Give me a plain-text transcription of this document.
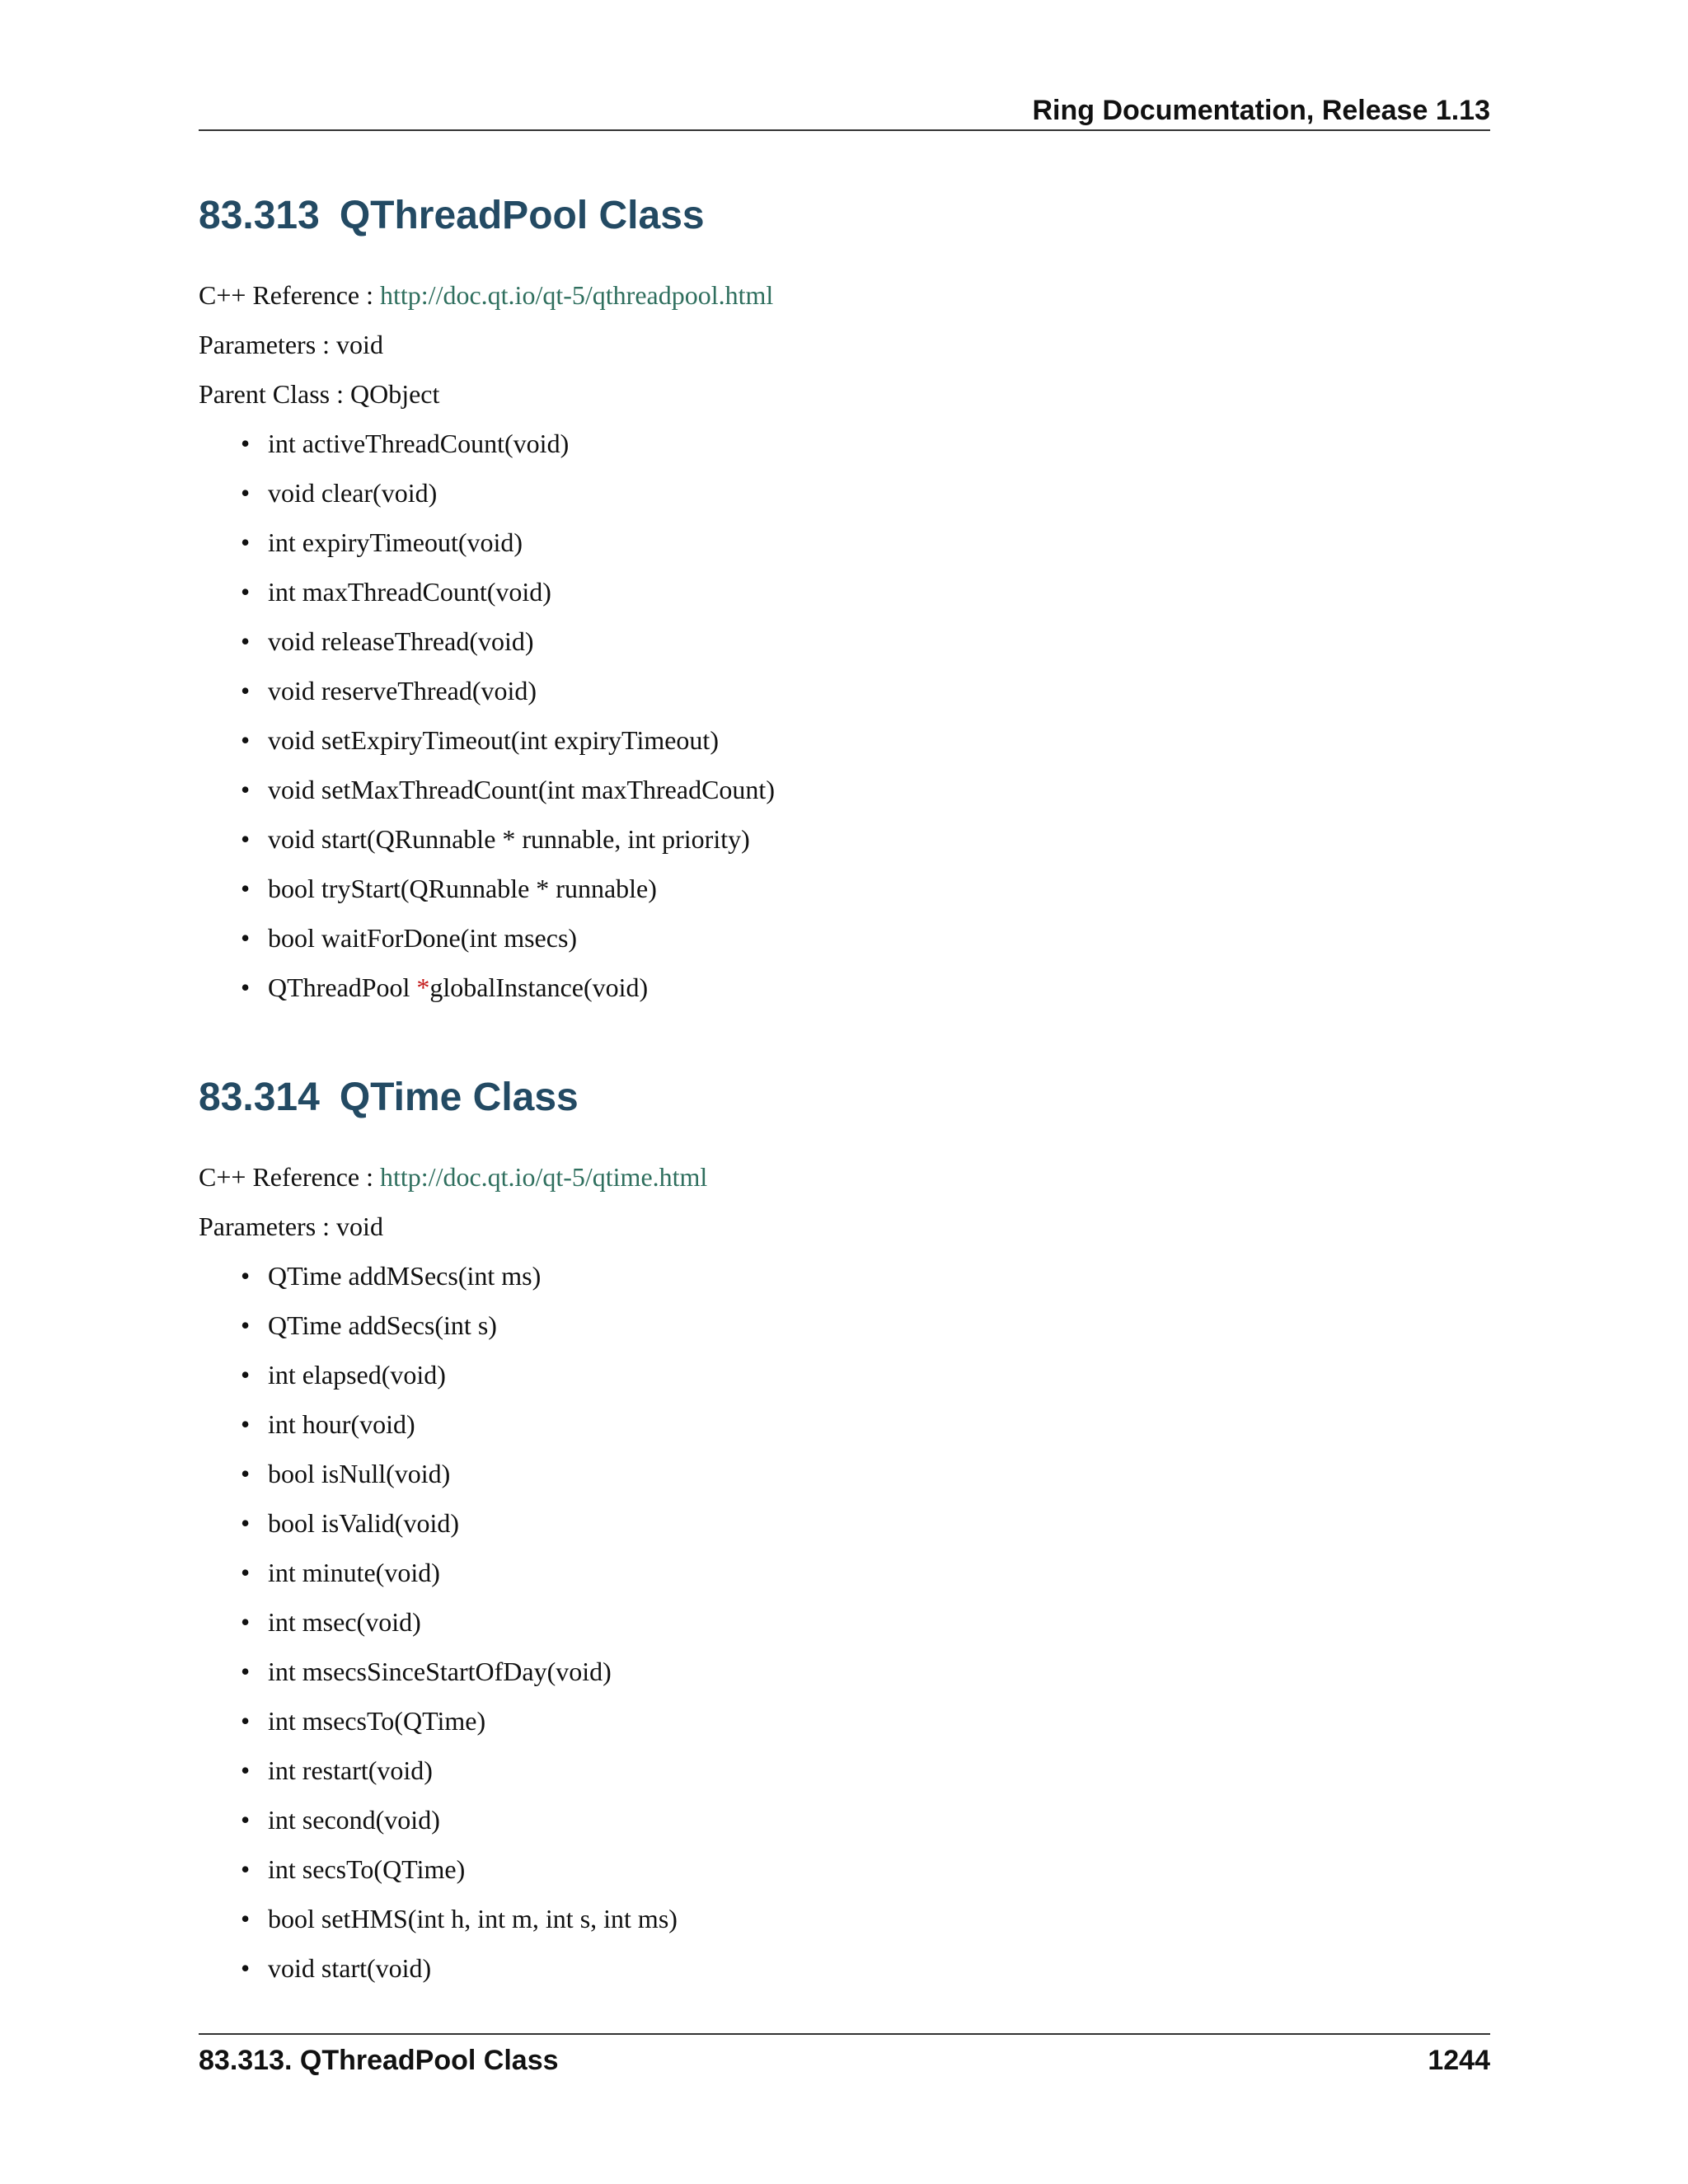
Ring Documentation, Release 1.13
83.313 QThreadPool Class
C++ Reference : http://doc.qt.io/qt-5/qthreadpool.html
Parameters : void
Parent Class : QObject
• int activeThreadCount(void)
• void clear(void)
• int expiryTimeout(void)
• int maxThreadCount(void)
• void releaseThread(void)
• void reserveThread(void)
• void setExpiryTimeout(int expiryTimeout)
• void setMaxThreadCount(int maxThreadCount)
• void start(QRunnable * runnable, int priority)
• bool tryStart(QRunnable * runnable)
• bool waitForDone(int msecs)
• QThreadPool *globalInstance(void)
83.314 QTime Class
C++ Reference : http://doc.qt.io/qt-5/qtime.html
Parameters : void
• QTime addMSecs(int ms)
• QTime addSecs(int s)
• int elapsed(void)
• int hour(void)
• bool isNull(void)
• bool isValid(void)
• int minute(void)
• int msec(void)
• int msecsSinceStartOfDay(void)
• int msecsTo(QTime)
• int restart(void)
• int second(void)
• int secsTo(QTime)
• bool setHMS(int h, int m, int s, int ms)
• void start(void)
83.313. QThreadPool Class	1244
